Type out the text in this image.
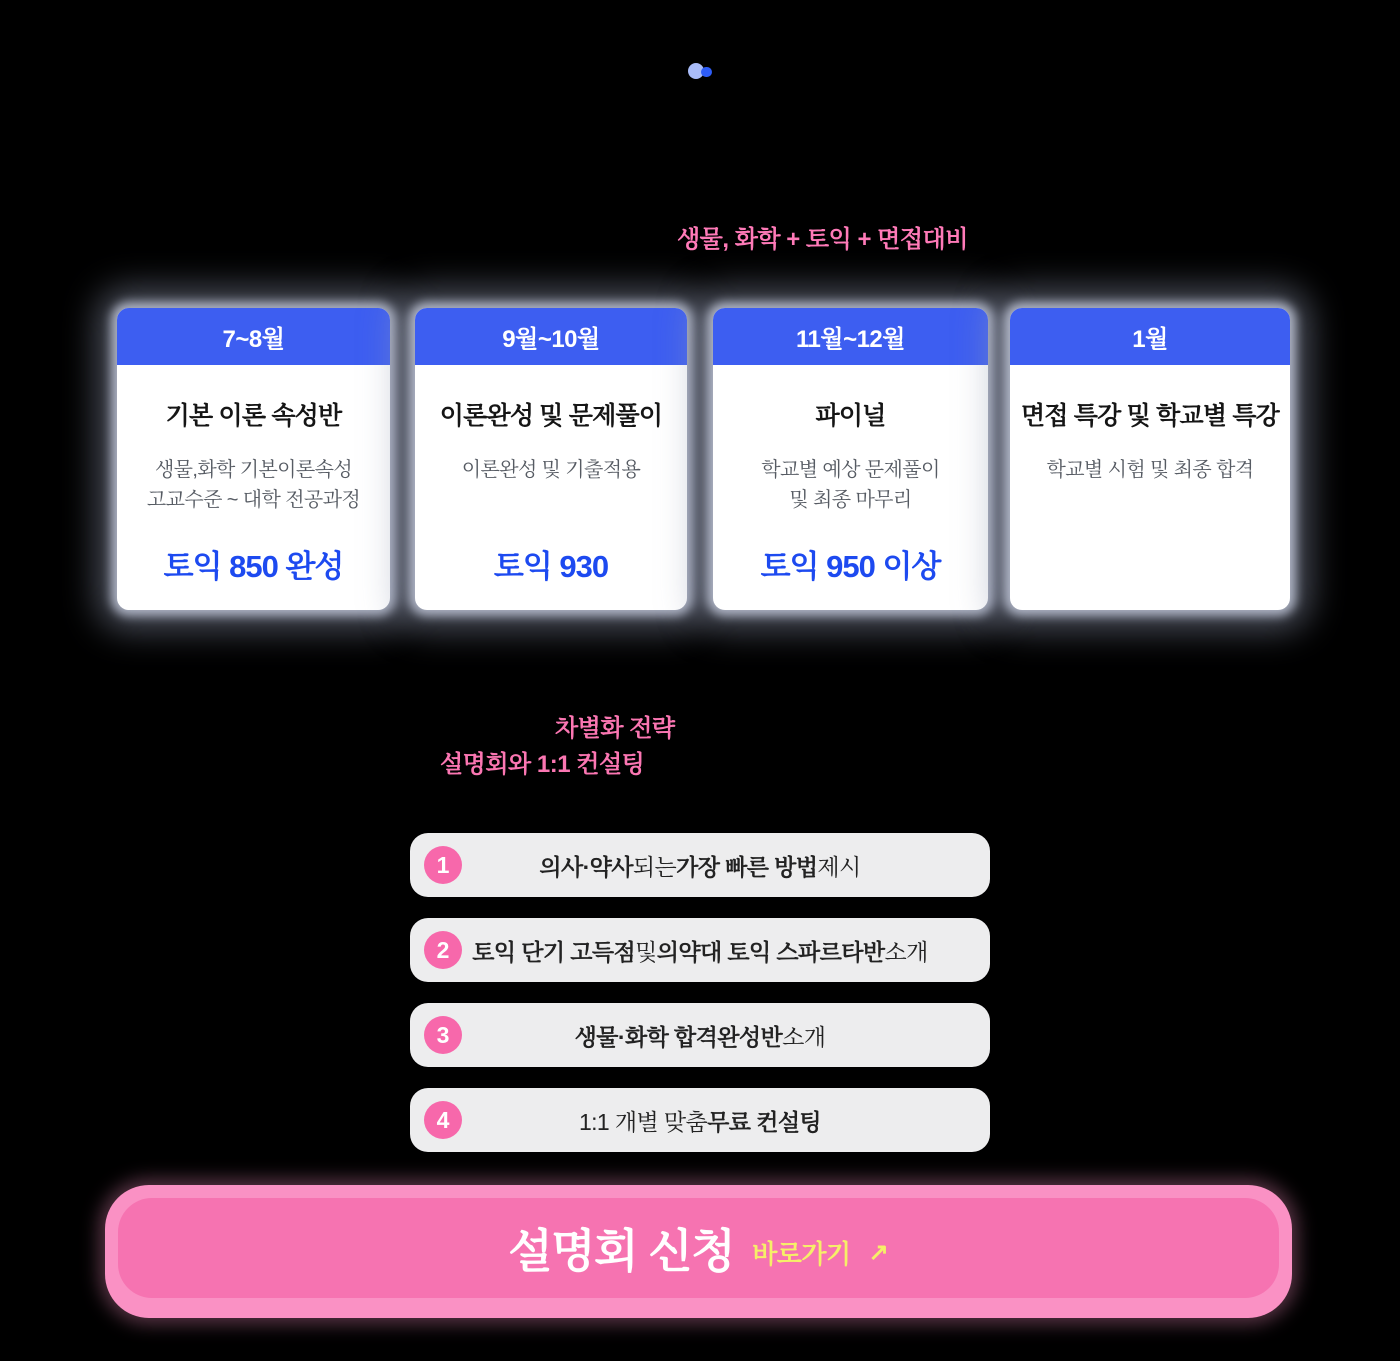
생물, 화학 + 토익 + 면접대비
7~8월
기본 이론 속성반
생물,화학 기본이론속성
고교수준 ~ 대학 전공과정
토익 850 완성
9월~10월
이론완성 및 문제풀이
이론완성 및 기출적용
토익 930
11월~12월
파이널
학교별 예상 문제풀이
및 최종 마무리
토익 950 이상
1월
면접 특강 및 학교별 특강
학교별 시험 및 최종 합격
차별화 전략
설명회와 1:1 컨설팅
1	의사·약사 되는 가장 빠른 방법 제시
2 토익 단기 고득점 및 의약대 토익 스파르타반 소개
3	생물·화학 합격완성반 소개
4	1:1 개별 맞춤 무료 컨설팅
설명회 신청 바로가기 ↗
